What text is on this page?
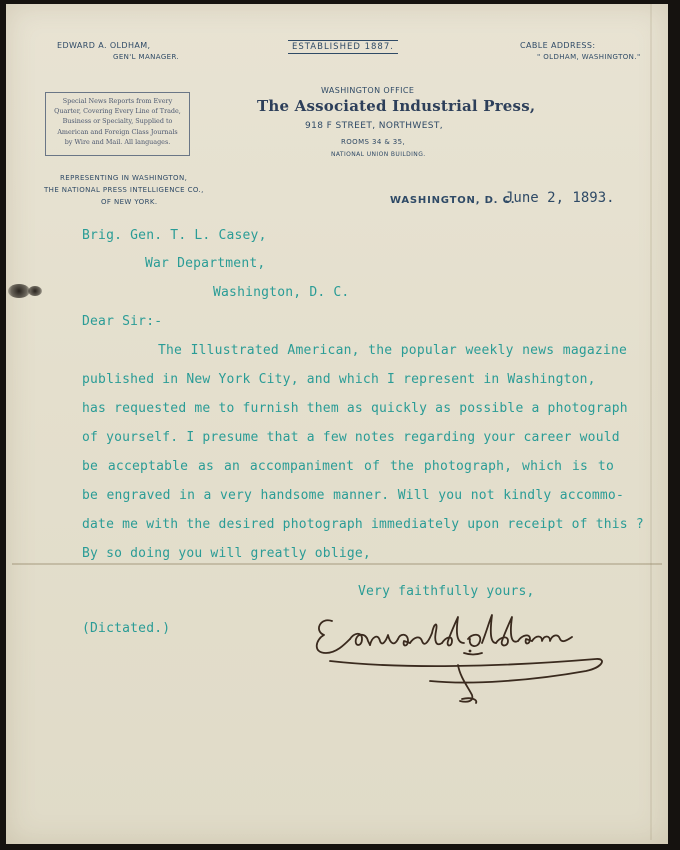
EDWARD A. OLDHAM,
GEN'L MANAGER.
ESTABLISHED 1887.	CABLE ADDRESS:
" OLDHAM, WASHINGTON."
WASHINGTON OFFICE
The Associated Industrial Press,
918 F STREET, NORTHWEST,
ROOMS 34 & 35,
NATIONAL UNION BUILDING.
Special News Reports from Every
Quarter, Covering Every Line of Trade,
Business or Specialty, Supplied to
American and Foreign Class Journals
by Wire and Mail. All languages.
REPRESENTING IN WASHINGTON,
THE NATIONAL PRESS INTELLIGENCE CO.,
OF NEW YORK.	WASHINGTON, D. C.
June 2, 1893.
Brig. Gen. T. L. Casey,
War Department,
Washington, D. C.
Dear Sir:-
The Illustrated American, the popular weekly news magazine
published in New York City, and which I represent in Washington,
has requested me to furnish them as quickly as possible a photograph
of yourself. I presume that a few notes regarding your career would
be acceptable as an accompaniment of the photograph, which is to
be engraved in a very handsome manner. Will you not kindly accommo-
date me with the desired photograph immediately upon receipt of this ?
By so doing you will greatly oblige,
Very faithfully yours,
(Dictated.)
